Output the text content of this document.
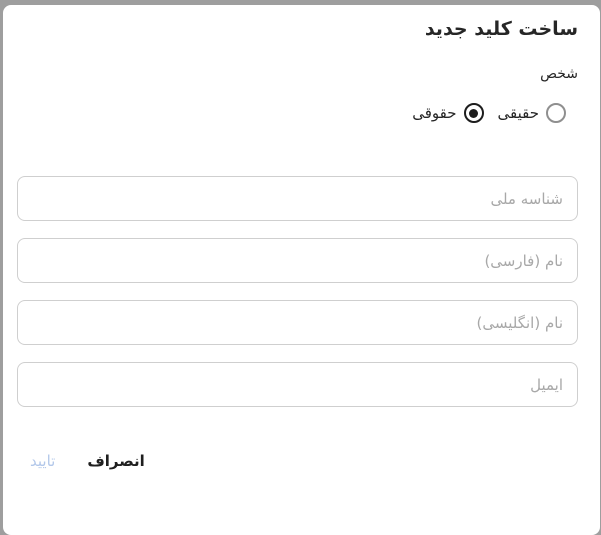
ساخت کلید جدید
شخص
حقیقی
حقوقی
شناسه ملی
نام (فارسی)
نام (انگلیسی)
ایمیل
انصراف
تایید
